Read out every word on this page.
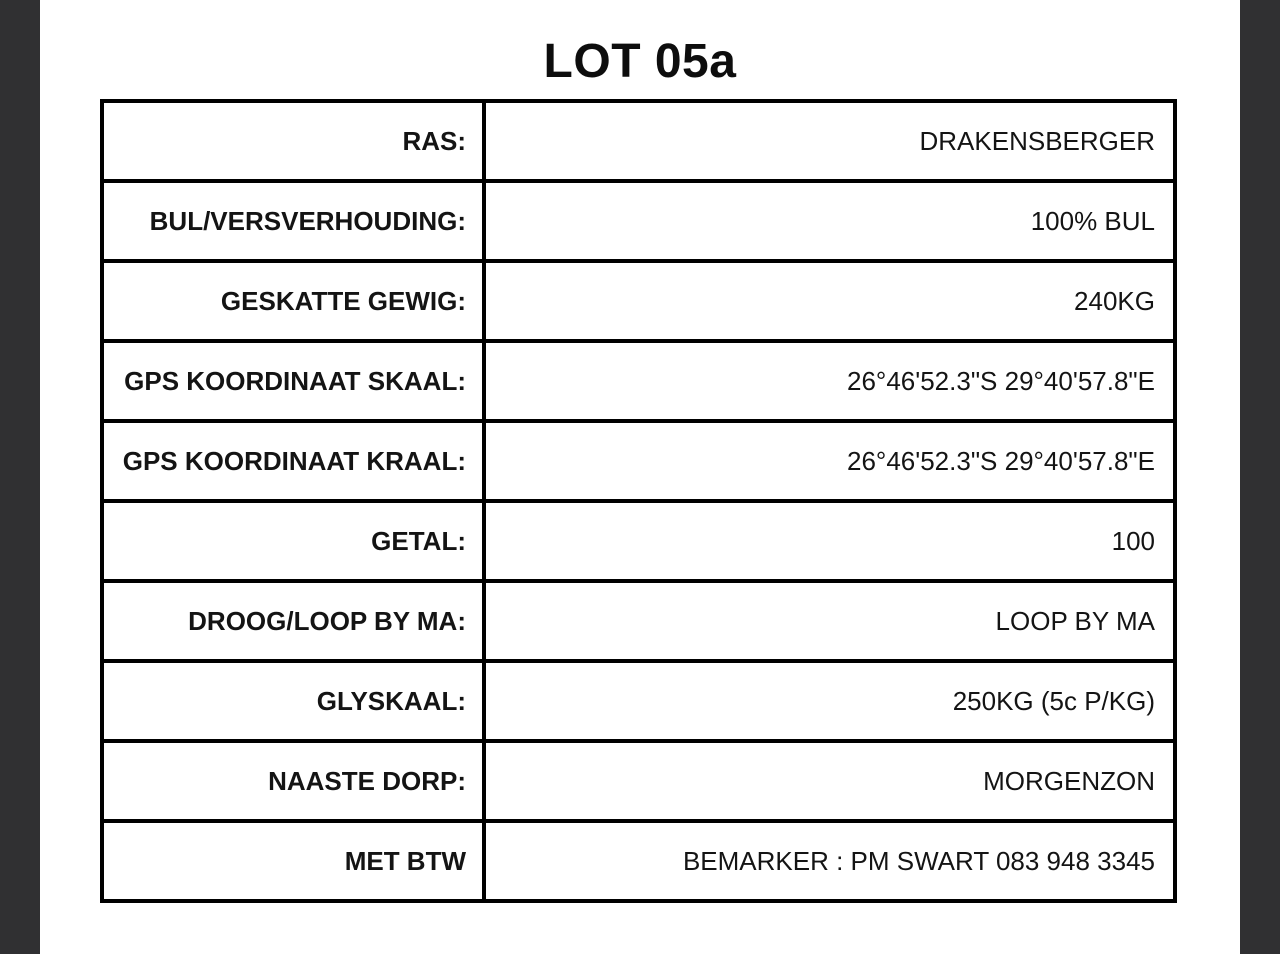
LOT 05a
RAS:	DRAKENSBERGER
BUL/VERSVERHOUDING:	100% BUL
GESKATTE GEWIG:	240KG
GPS KOORDINAAT SKAAL:	26°46'52.3"S 29°40'57.8"E
GPS KOORDINAAT KRAAL:	26°46'52.3"S 29°40'57.8"E
GETAL:	100
DROOG/LOOP BY MA:	LOOP BY MA
GLYSKAAL:	250KG (5c P/KG)
NAASTE DORP:	MORGENZON
MET BTW	BEMARKER : PM SWART 083 948 3345
